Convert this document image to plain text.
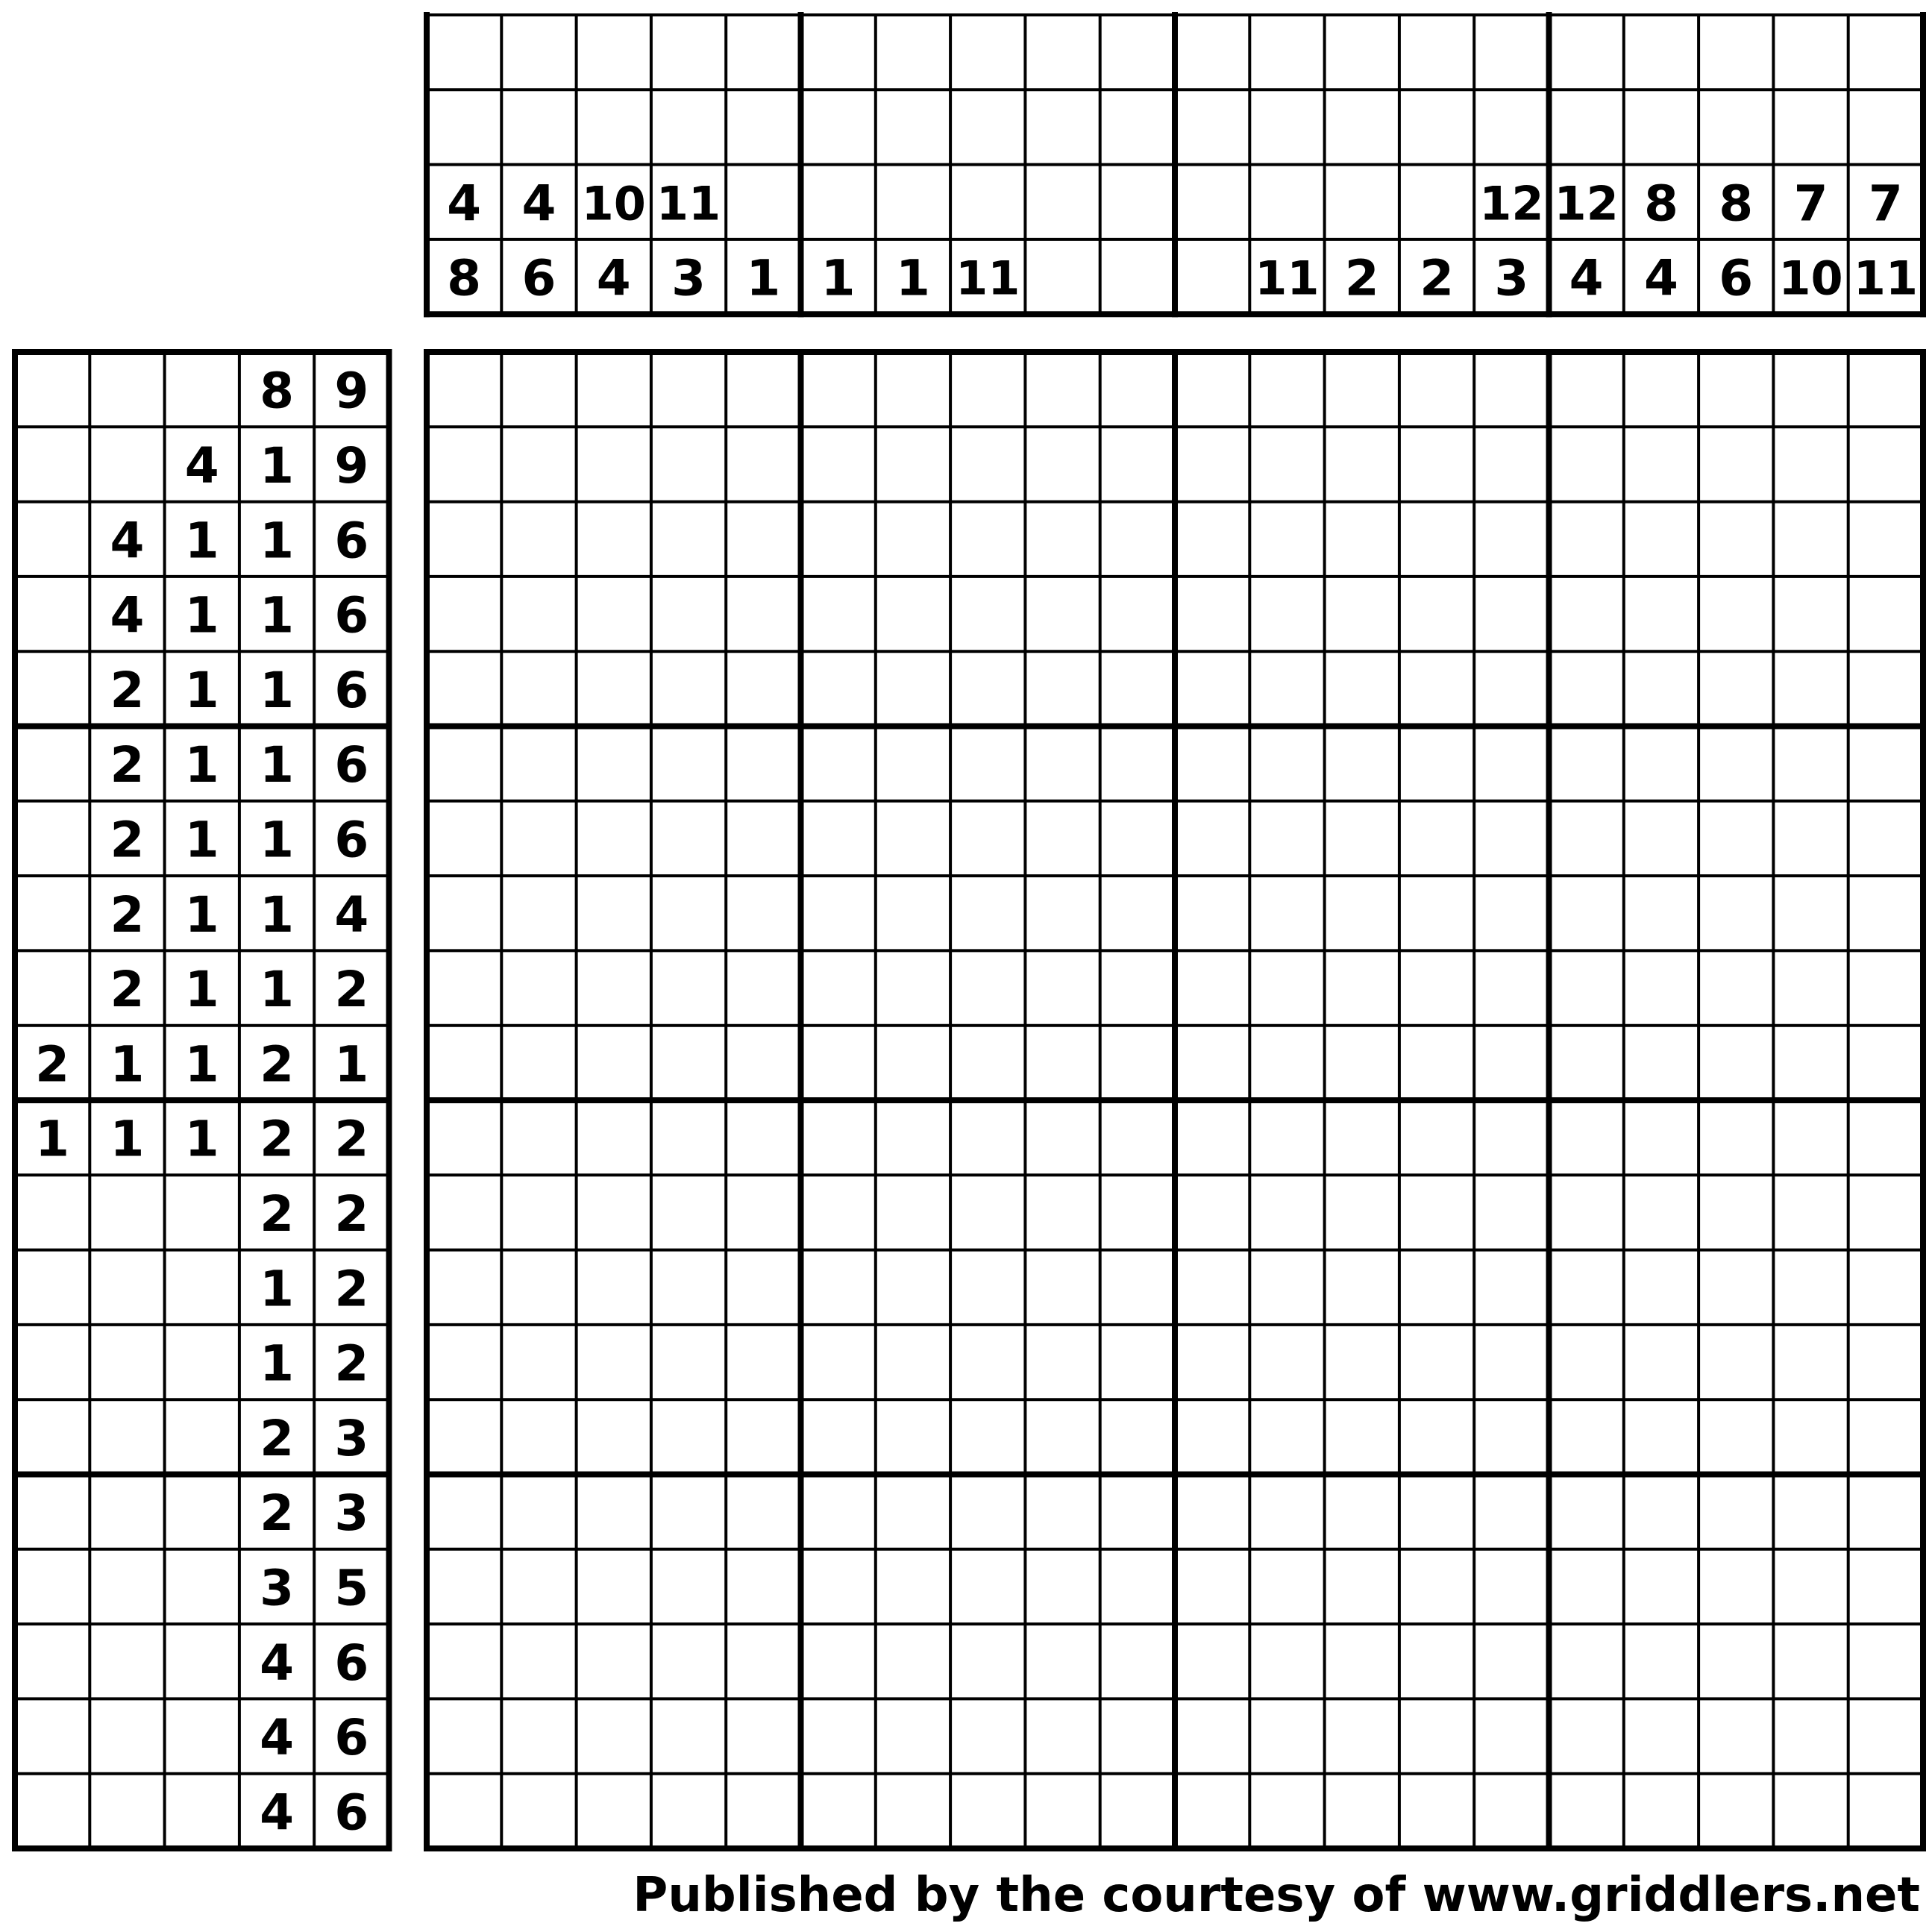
4
8
4
6
10
4
11
3 1 1 1 11	11 2 2
12
3
12
4
8
4
8
6
7
10
7
11
8 9
4 1 9
4 1 1 6
4 1 1 6
2 1 1 6
2 1 1 6
2 1 1 6
2 1 1 4
2 1 1 2
2 1 1 2 1
1 1 1 2 2
2 2
1 2
1 2
2 3
2 3
3 5
4 6
4 6
4 6
Published by the courtesy of www.griddlers.net
